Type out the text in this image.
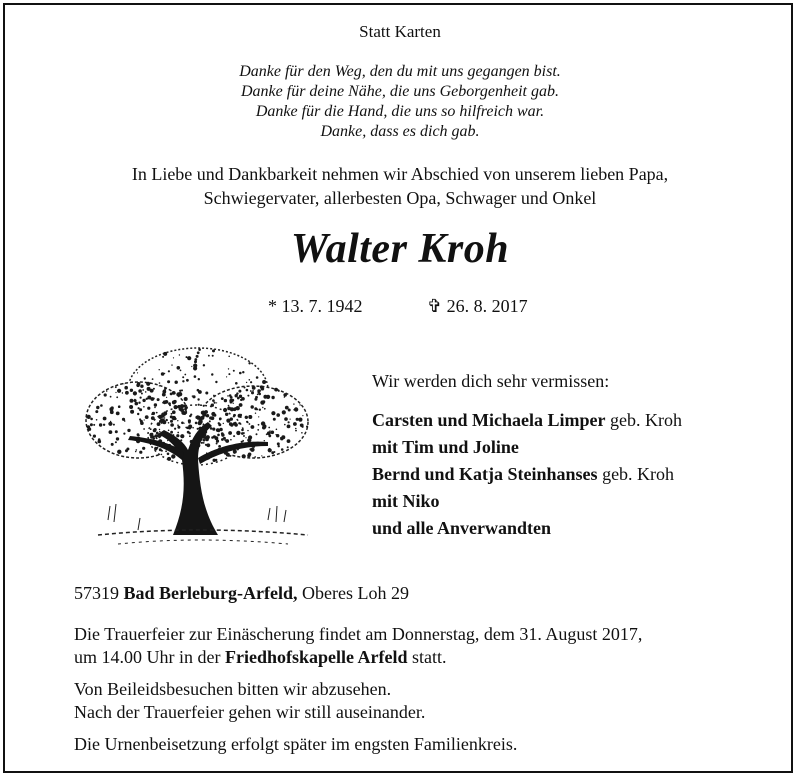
Statt Karten
Danke für den Weg, den du mit uns gegangen bist.
Danke für deine Nähe, die uns Geborgenheit gab.
Danke für die Hand, die uns so hilfreich war.
Danke, dass es dich gab.
In Liebe und Dankbarkeit nehmen wir Abschied von unserem lieben Papa,
Schwiegervater, allerbesten Opa, Schwager und Onkel
Walter Kroh
* 13. 7. 1942	✞ 26. 8. 2017
Wir werden dich sehr vermissen:
Carsten und Michaela Limper geb. Kroh
mit Tim und Joline
Bernd und Katja Steinhanses geb. Kroh
mit Niko
und alle Anverwandten
57319 Bad Berleburg-Arfeld, Oberes Loh 29
Die Trauerfeier zur Einäscherung findet am Donnerstag, dem 31. August 2017,
um 14.00 Uhr in der Friedhofskapelle Arfeld statt.
Von Beileidsbesuchen bitten wir abzusehen.
Nach der Trauerfeier gehen wir still auseinander.
Die Urnenbeisetzung erfolgt später im engsten Familienkreis.
